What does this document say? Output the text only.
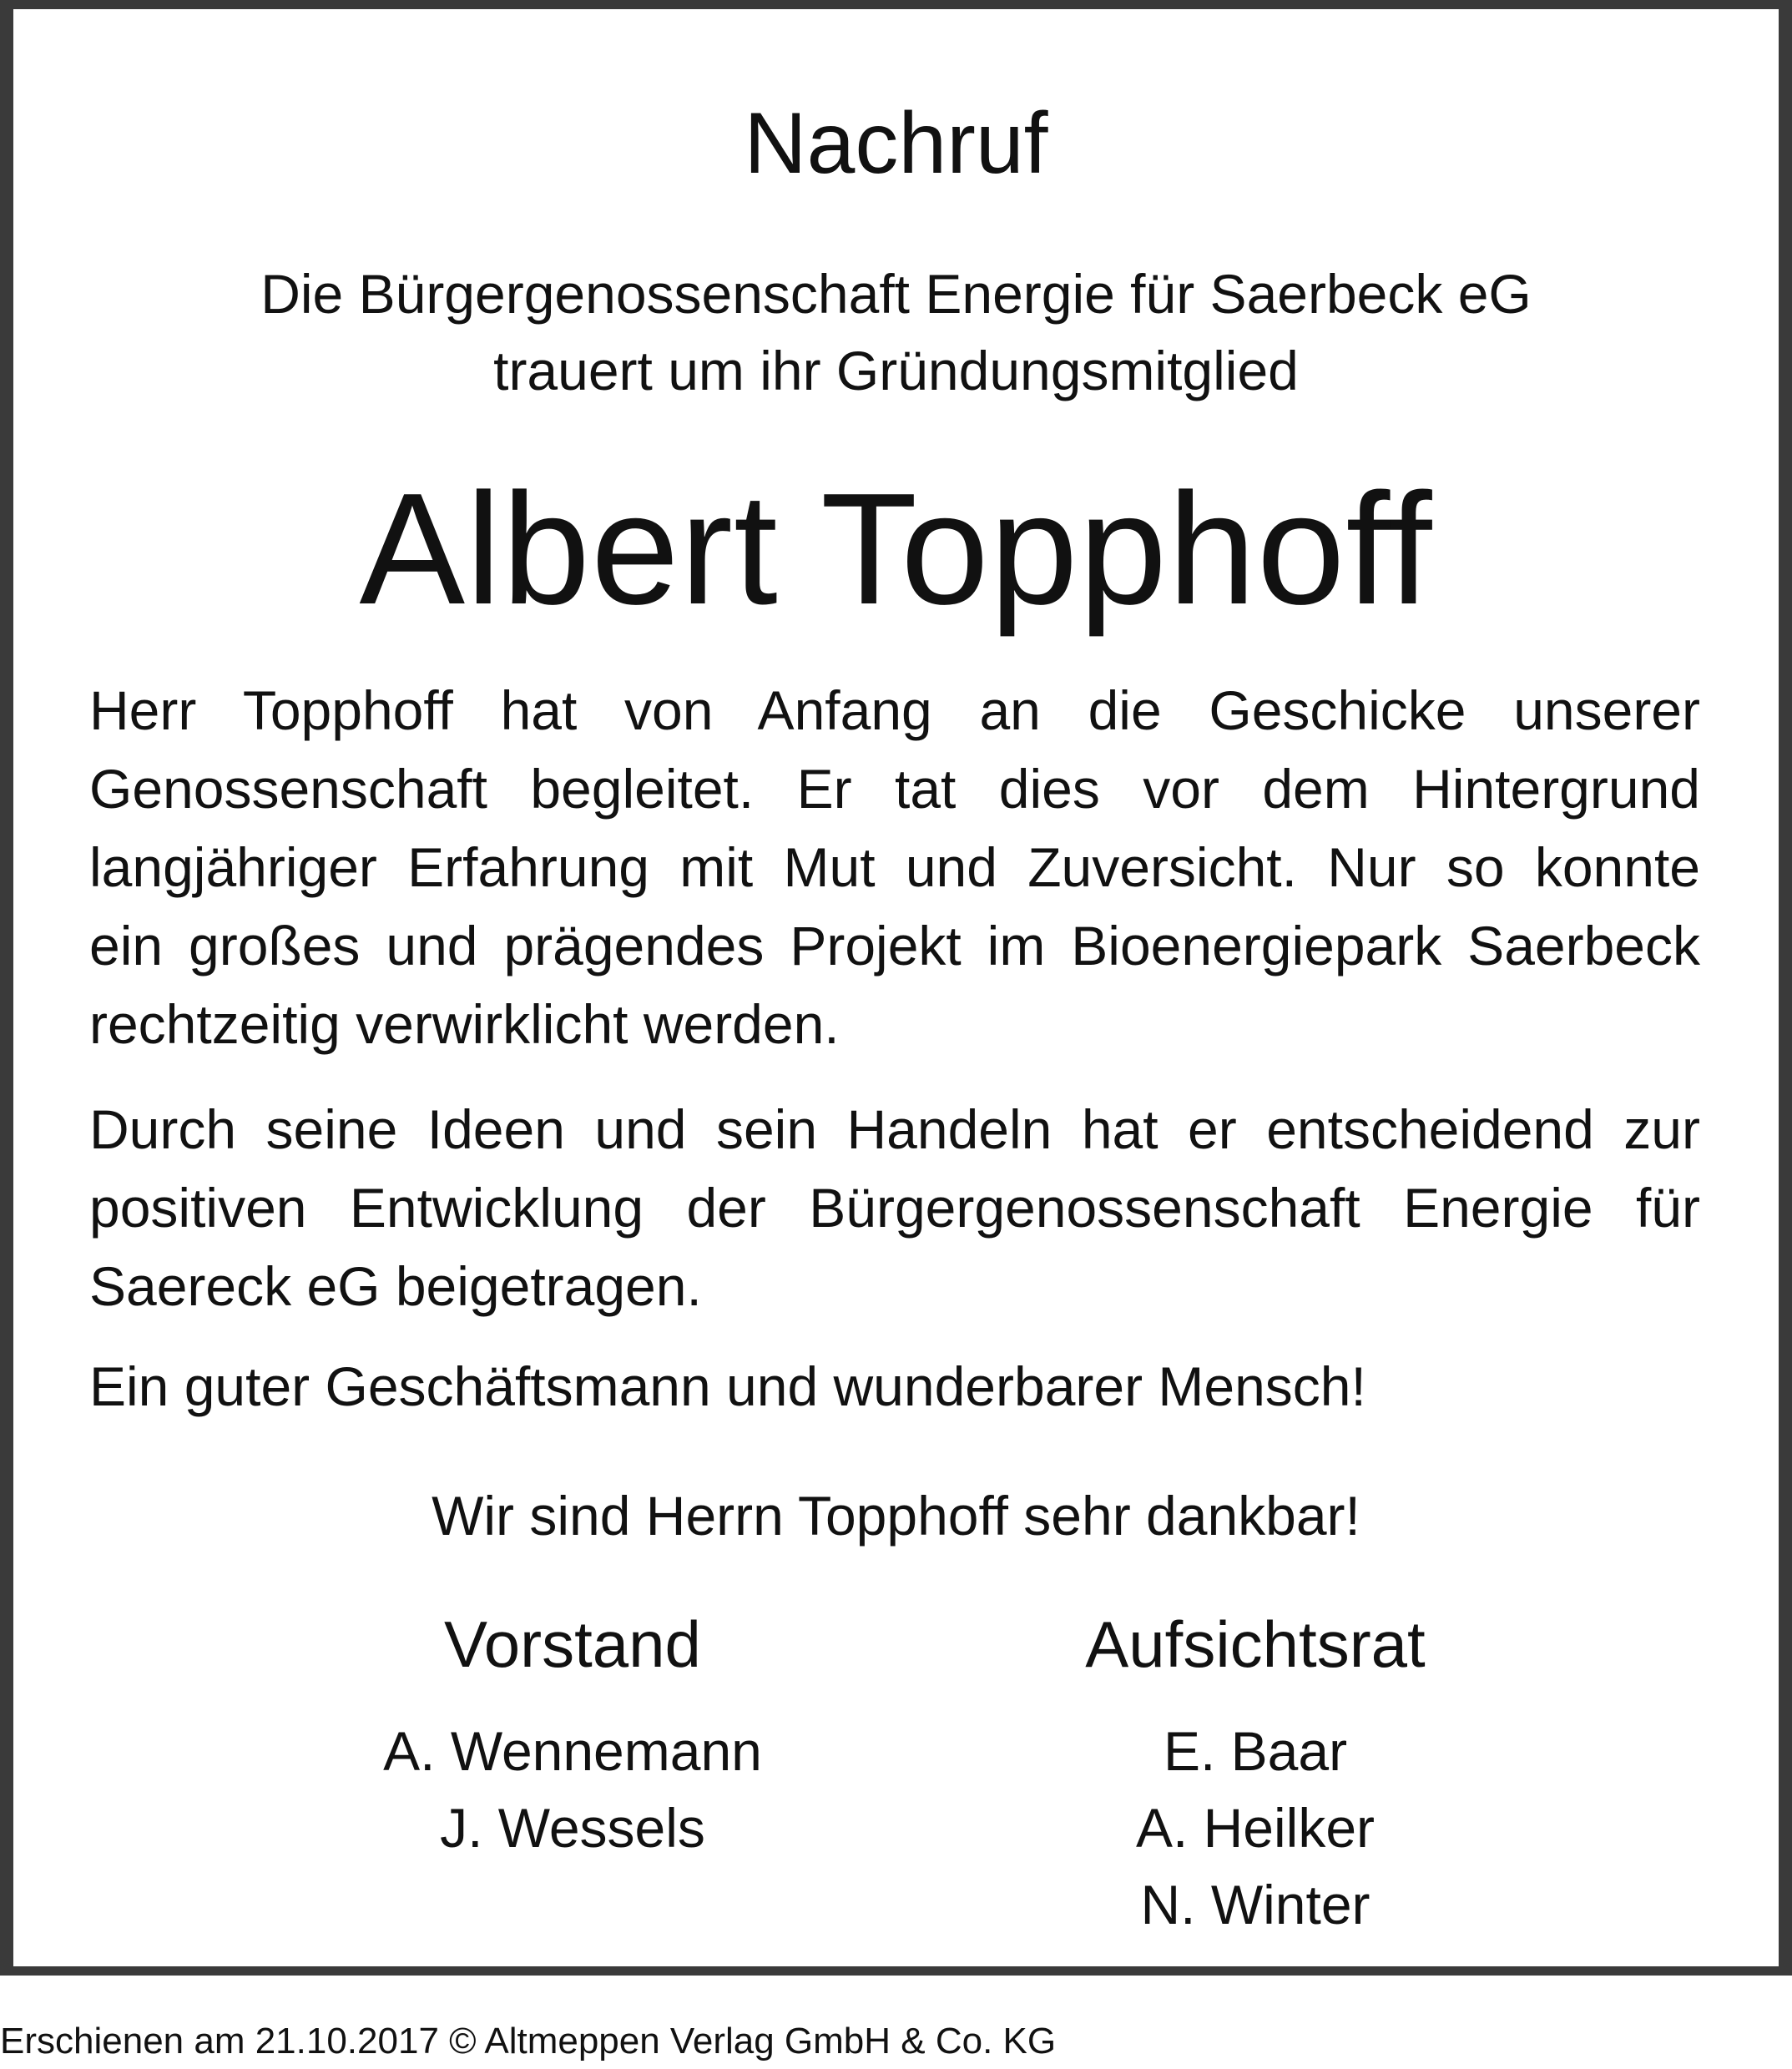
Nachruf
Die Bürgergenossenschaft Energie für Saerbeck eG
trauert um ihr Gründungsmitglied
Albert Topphoff
Herr Topphoff hat von Anfang an die Geschicke unserer
Genossenschaft begleitet. Er tat dies vor dem Hintergrund
langjähriger Erfahrung mit Mut und Zuversicht. Nur so konnte
ein großes und prägendes Projekt im Bioenergiepark Saerbeck
rechtzeitig verwirklicht werden.
Durch seine Ideen und sein Handeln hat er entscheidend zur
positiven Entwicklung der Bürgergenossenschaft Energie für
Saereck eG beigetragen.
Ein guter Geschäftsmann und wunderbarer Mensch!
Wir sind Herrn Topphoff sehr dankbar!
Vorstand
A. Wennemann
J. Wessels
Aufsichtsrat
E. Baar
A. Heilker
N. Winter
Erschienen am 21.10.2017 © Altmeppen Verlag GmbH & Co. KG
